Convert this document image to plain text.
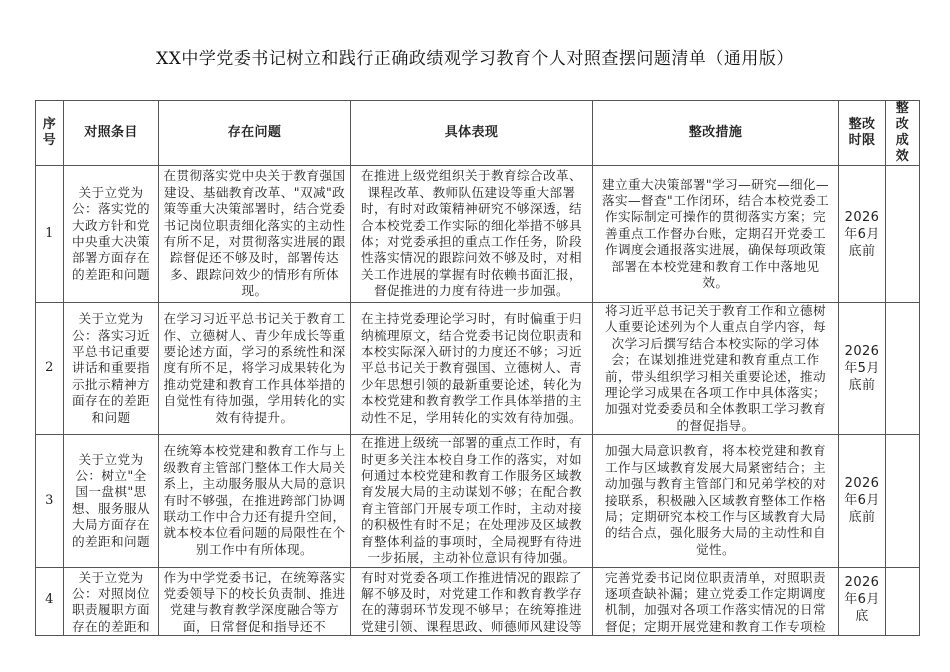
XX中学党委书记树立和践行正确政绩观学习教育个人对照查摆问题清单（通用版）
序号	对照条目	存在问题	具体表现	整改措施	整改时限	整改成效
1	关于立党为公：落实党的大政方针和党中央重大决策部署方面存在的差距和问题	在贯彻落实党中央关于教育强国建设、基础教育改革、"双减"政策等重大决策部署时，结合党委书记岗位职责细化落实的主动性有所不足，对贯彻落实进展的跟踪督促还不够及时，部署传达多、跟踪问效少的情形有所体现。	在推进上级党组织关于教育综合改革、课程改革、教师队伍建设等重大部署时，有时对政策精神研究不够深透，结合本校党委工作实际的细化举措不够具体；对党委承担的重点工作任务，阶段性落实情况的跟踪问效不够及时，对相关工作进展的掌握有时依赖书面汇报，督促推进的力度有待进一步加强。	建立重大决策部署"学习—研究—细化—落实—督查"工作闭环，结合本校党委工作实际制定可操作的贯彻落实方案；完善重点工作督办台账，定期召开党委工作调度会通报落实进展，确保每项政策部署在本校党建和教育工作中落地见效。	2026年6月底前	
2	关于立党为公：落实习近平总书记重要讲话和重要指示批示精神方面存在的差距和问题	在学习习近平总书记关于教育工作、立德树人、青少年成长等重要论述方面，学习的系统性和深度有所不足，将学习成果转化为推动党建和教育工作具体举措的自觉性有待加强，学用转化的实效有待提升。	在主持党委理论学习时，有时偏重于归纳梳理原文，结合党委书记岗位职责和本校实际深入研讨的力度还不够；习近平总书记关于教育强国、立德树人、青少年思想引领的最新重要论述，转化为本校党建和教育教学工作具体举措的主动性不足，学用转化的实效有待加强。	将习近平总书记关于教育工作和立德树人重要论述列为个人重点自学内容，每次学习后撰写结合本校实际的学习体会；在谋划推进党建和教育重点工作前，带头组织学习相关重要论述，推动理论学习成果在各项工作中具体落实；加强对党委委员和全体教职工学习教育的督促指导。	2026年5月底前	
3	关于立党为公：树立"全国一盘棋"思想、服务服从大局方面存在的差距和问题	在统筹本校党建和教育工作与上级教育主管部门整体工作大局关系上，主动服务服从大局的意识有时不够强，在推进跨部门协调联动工作中合力还有提升空间，就本校本位看问题的局限性在个别工作中有所体现。	在推进上级统一部署的重点工作时，有时更多关注本校自身工作的落实，对如何通过本校党建和教育工作服务区域教育发展大局的主动谋划不够；在配合教育主管部门开展专项工作时，主动对接的积极性有时不足；在处理涉及区域教育整体利益的事项时，全局视野有待进一步拓展，主动补位意识有待加强。	加强大局意识教育，将本校党建和教育工作与区域教育发展大局紧密结合；主动加强与教育主管部门和兄弟学校的对接联系，积极融入区域教育整体工作格局；定期研究本校工作与区域教育大局的结合点，强化服务大局的主动性和自觉性。	2026年6月底前	
4	关于立党为公：对照岗位职责履职方面存在的差距和	作为中学党委书记，在统筹落实党委领导下的校长负责制、推进党建与教育教学深度融合等方面，日常督促和指导还不	有时对党委各项工作推进情况的跟踪了解不够及时，对党建工作和教育教学存在的薄弱环节发现不够早；在统筹推进党建引领、课程思政、师德师风建设等	完善党委书记岗位职责清单，对照职责逐项查缺补漏；建立党委工作定期调度机制，加强对各项工作落实情况的日常督促；定期开展党建和教育工作专项检	2026年6月底	
